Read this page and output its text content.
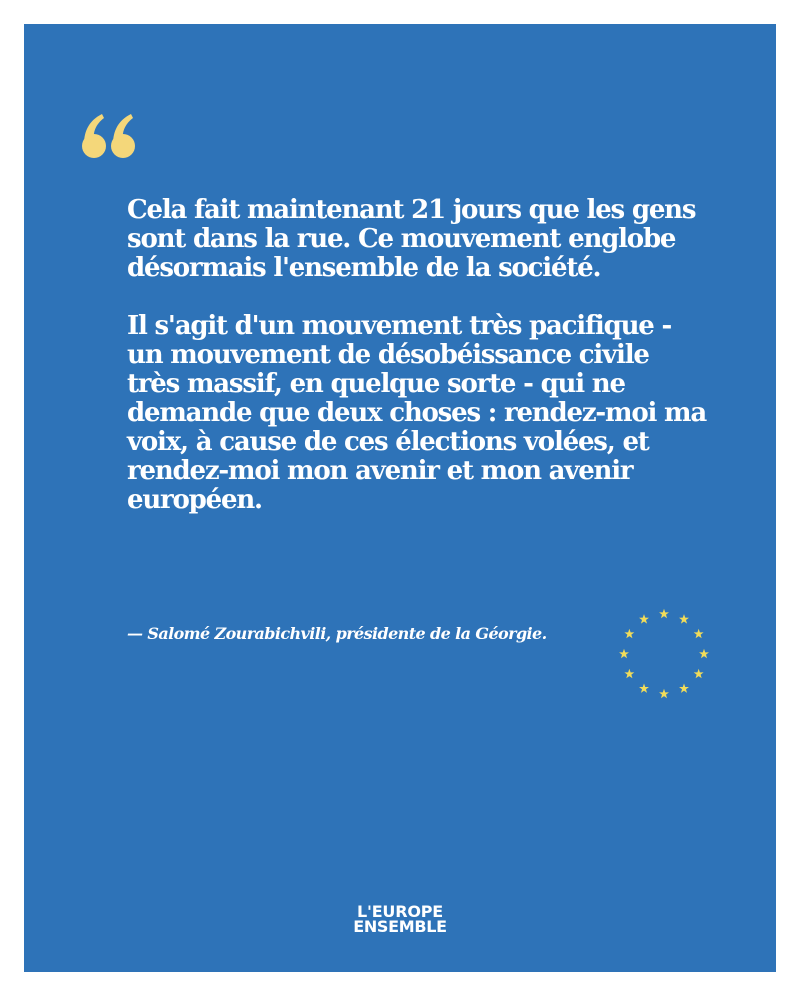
Cela fait maintenant 21 jours que les gens sont dans la rue. Ce mouvement englobe désormais l'ensemble de la société.

Il s'agit d'un mouvement très pacifique - un mouvement de désobéissance civile très massif, en quelque sorte - qui ne demande que deux choses : rendez-moi ma voix, à cause de ces élections volées, et rendez-moi mon avenir et mon avenir européen.

— Salomé Zourabichvili, présidente de la Géorgie.
L'EUROPE
ENSEMBLE
